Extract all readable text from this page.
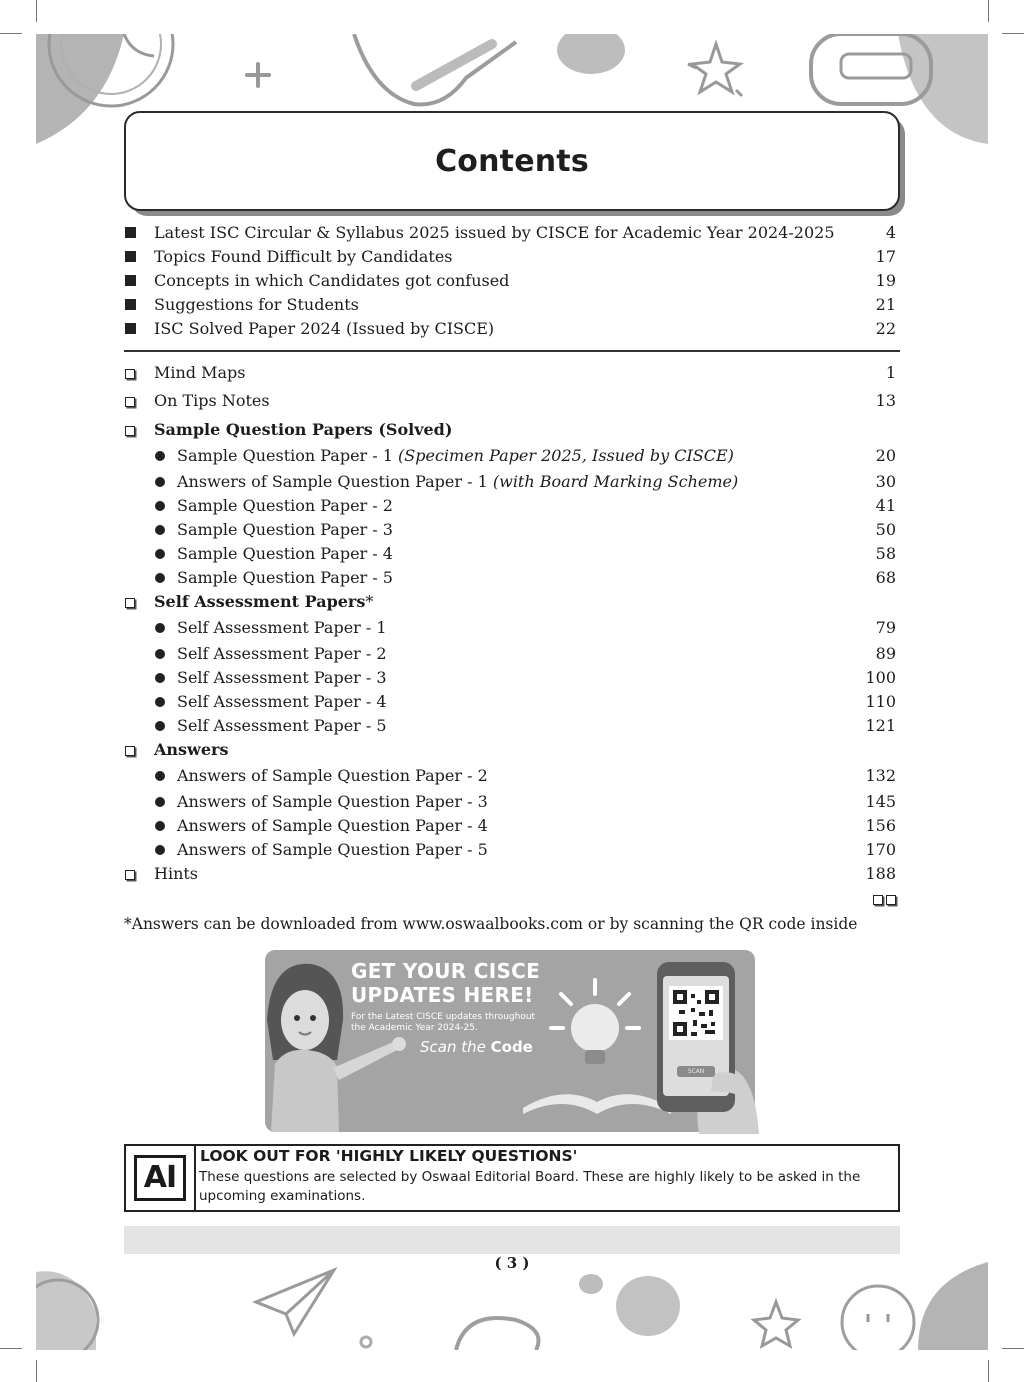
Contents
Latest ISC Circular & Syllabus 2025 issued by CISCE for Academic Year 2024-2025	4
Topics Found Difficult by Candidates	17
Concepts in which Candidates got confused	19
Suggestions for Students	21
ISC Solved Paper 2024 (Issued by CISCE)	22
Mind Maps	1
On Tips Notes	13
Sample Question Papers (Solved)
Sample Question Paper - 1 (Specimen Paper 2025, Issued by CISCE)	20
Answers of Sample Question Paper - 1 (with Board Marking Scheme)	30
Sample Question Paper - 2	41
Sample Question Paper - 3	50
Sample Question Paper - 4	58
Sample Question Paper - 5	68
Self Assessment Papers*
Self Assessment Paper - 1	79
Self Assessment Paper - 2	89
Self Assessment Paper - 3	100
Self Assessment Paper - 4	110
Self Assessment Paper - 5	121
Answers
Answers of Sample Question Paper - 2	132
Answers of Sample Question Paper - 3	145
Answers of Sample Question Paper - 4	156
Answers of Sample Question Paper - 5	170
Hints	188
*Answers can be downloaded from www.oswaalbooks.com or by scanning the QR code inside
GET YOUR CISCE
UPDATES HERE!
For the Latest CISCE updates throughout the Academic Year 2024-25.
Scan the Code
SCAN
AI
LOOK OUT FOR 'HIGHLY LIKELY QUESTIONS'
These questions are selected by Oswaal Editorial Board. These are highly likely to be asked in the upcoming examinations.
( 3 )
